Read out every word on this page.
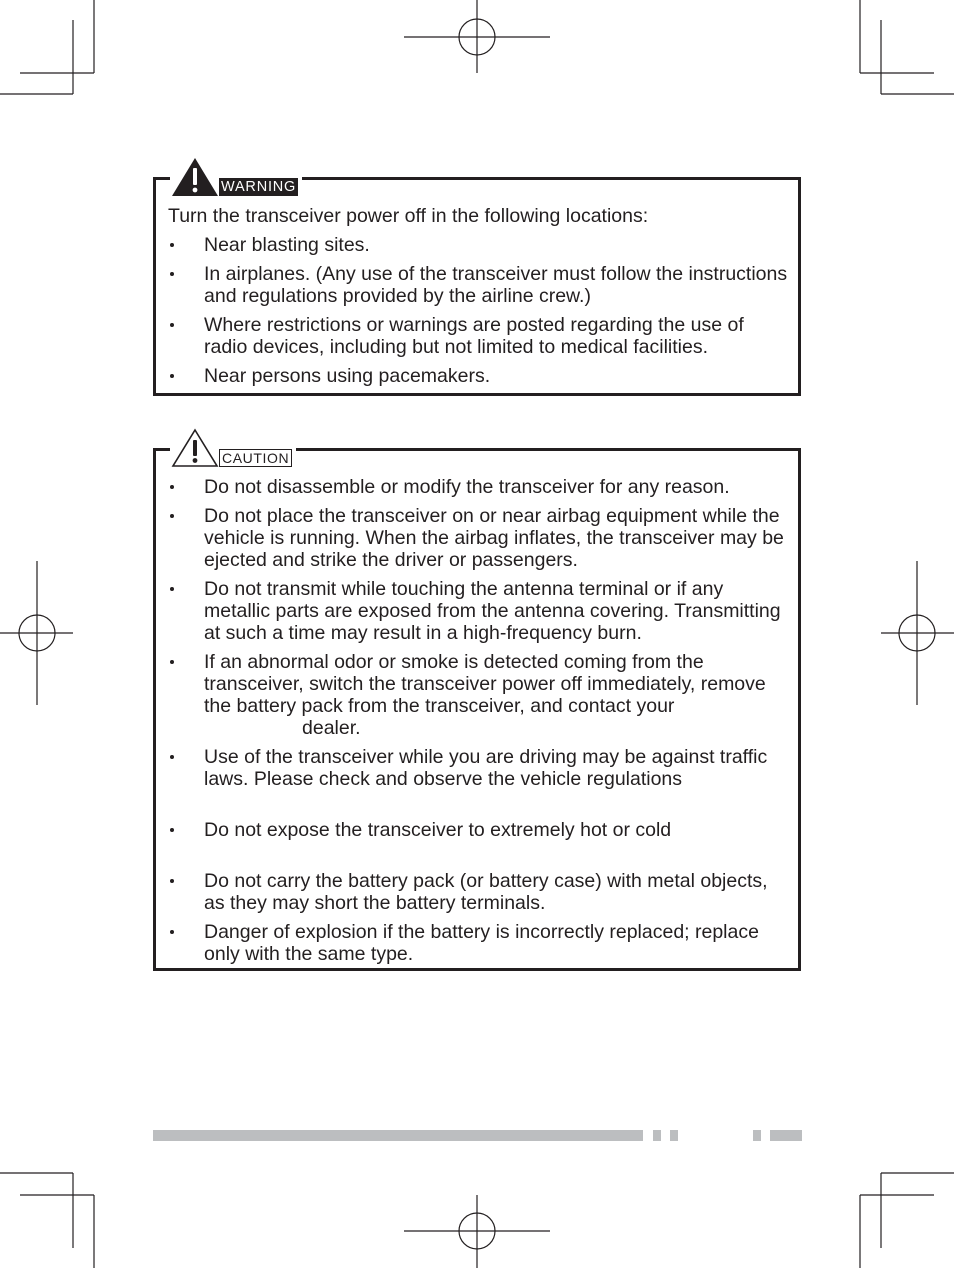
WARNING

Turn the transceiver power off in the following locations:

Near blasting sites.
In airplanes. (Any use of the transceiver must follow the instructions and regulations provided by the airline crew.)
Where restrictions or warnings are posted regarding the use of radio devices, including but not limited to medical facilities.
Near persons using pacemakers.
CAUTION
Do not disassemble or modify the transceiver for any reason.
Do not place the transceiver on or near airbag equipment while the vehicle is running. When the airbag inflates, the transceiver may be ejected and strike the driver or passengers.
Do not transmit while touching the antenna terminal or if any metallic parts are exposed from the antenna covering. Transmitting at such a time may result in a high-frequency burn.
If an abnormal odor or smoke is detected coming from the transceiver, switch the transceiver power off immediately, remove the battery pack from the transceiver, and contact your
dealer.
Use of the transceiver while you are driving may be against traffic laws. Please check and observe the vehicle regulations
Do not expose the transceiver to extremely hot or cold
Do not carry the battery pack (or battery case) with metal objects, as they may short the battery terminals.
Danger of explosion if the battery is incorrectly replaced; replace only with the same type.
